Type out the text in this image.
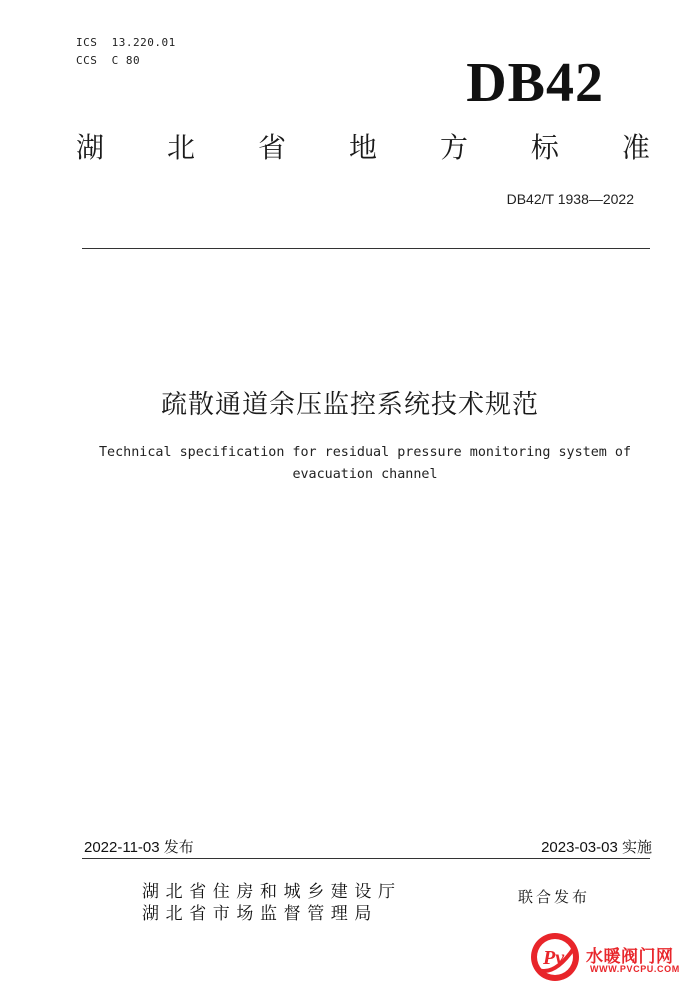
ICS  13.220.01
CCS  C 80	DB42
湖 北 省 地 方 标 准
DB42/T 1938—2022
疏散通道余压监控系统技术规范
Technical specification for residual pressure monitoring system of
evacuation channel
2022-11-03 发布	2023-03-03 实施
湖北省住房和城乡建设厅
湖北省市场监督管理局
联合发布
Pv 水暖阀门网
WWW.PVCPU.COM
